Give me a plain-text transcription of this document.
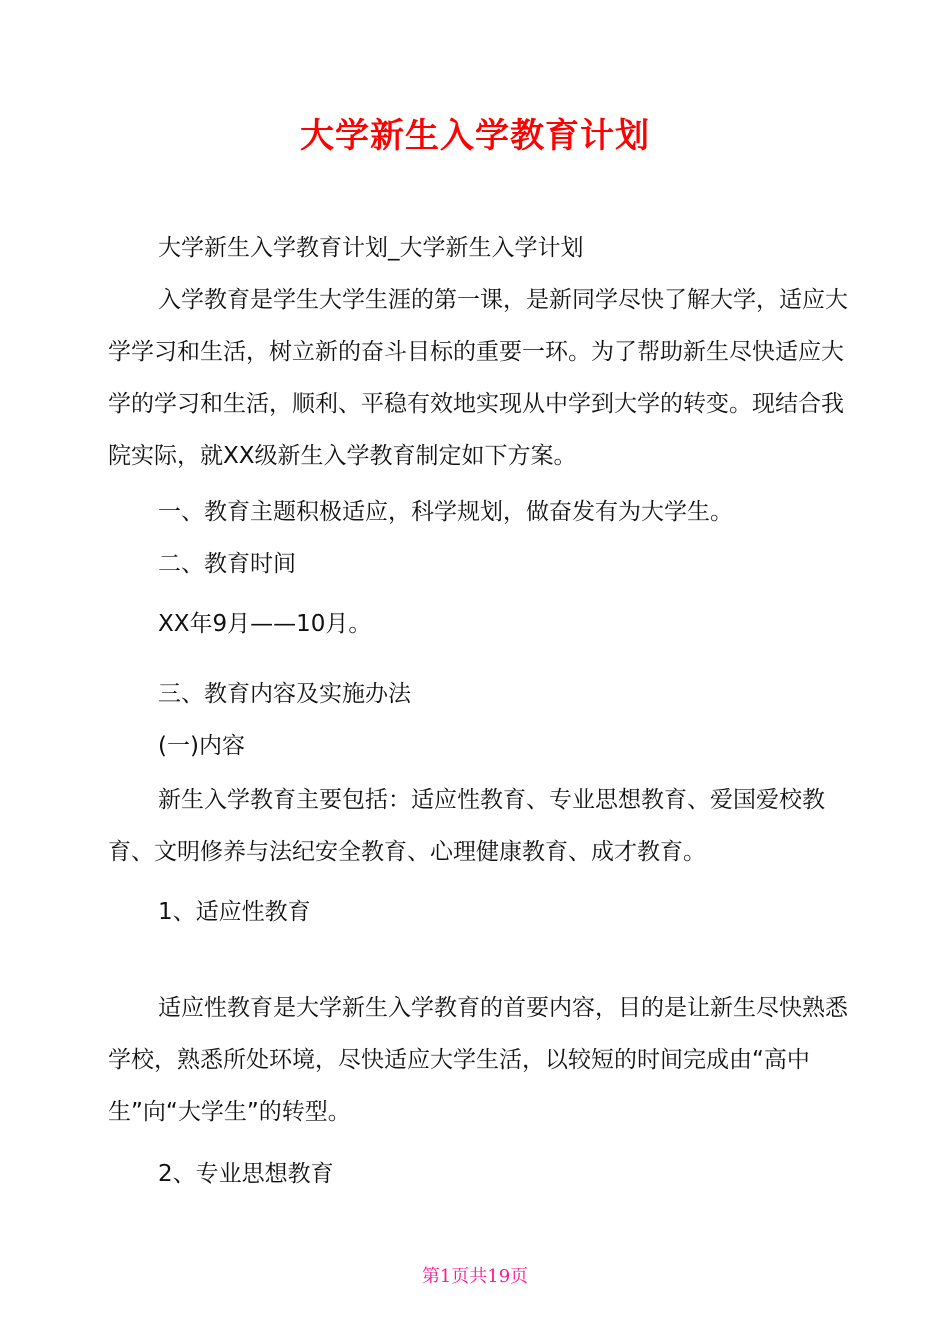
大学新生入学教育计划

大学新生入学教育计划_大学新生入学计划

入学教育是学生大学生涯的第一课，是新同学尽快了解大学，适应大学学习和生活，树立新的奋斗目标的重要一环。为了帮助新生尽快适应大学的学习和生活，顺利、平稳有效地实现从中学到大学的转变。现结合我院实际，就XX级新生入学教育制定如下方案。

一、教育主题积极适应，科学规划，做奋发有为大学生。

二、教育时间

XX年9月——10月。

三、教育内容及实施办法

(一)内容

新生入学教育主要包括：适应性教育、专业思想教育、爱国爱校教育、文明修养与法纪安全教育、心理健康教育、成才教育。

1、适应性教育

适应性教育是大学新生入学教育的首要内容，目的是让新生尽快熟悉学校，熟悉所处环境，尽快适应大学生活，以较短的时间完成由“高中生”向“大学生”的转型。

2、专业思想教育

第1页共19页
